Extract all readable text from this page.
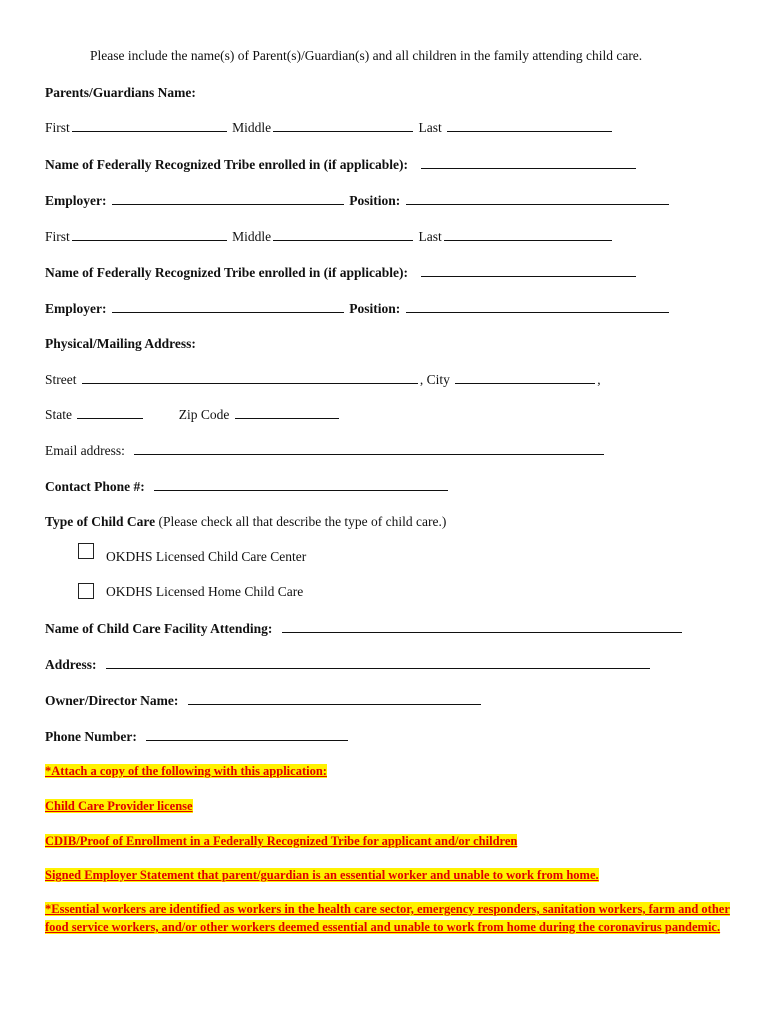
Please include the name(s) of Parent(s)/Guardian(s) and all children in the family attending child care.
Parents/Guardians Name:
First	Middle	Last
Name of Federally Recognized Tribe enrolled in (if applicable):
Employer:	Position:
First	Middle	Last
Name of Federally Recognized Tribe enrolled in (if applicable):
Employer:	Position:
Physical/Mailing Address:
Street	, City	,
State	Zip Code
Email address:
Contact Phone #:
Type of Child Care (Please check all that describe the type of child care.)
OKDHS Licensed Child Care Center
OKDHS Licensed Home Child Care
Name of Child Care Facility Attending:
Address:
Owner/Director Name:
Phone Number:
*Attach a copy of the following with this application:
Child Care Provider license
CDIB/Proof of Enrollment in a Federally Recognized Tribe for applicant and/or children
Signed Employer Statement that parent/guardian is an essential worker and unable to work from home.
*Essential workers are identified as workers in the health care sector, emergency responders, sanitation workers, farm and other food service workers, and/or other workers deemed essential and unable to work from home during the coronavirus pandemic.
